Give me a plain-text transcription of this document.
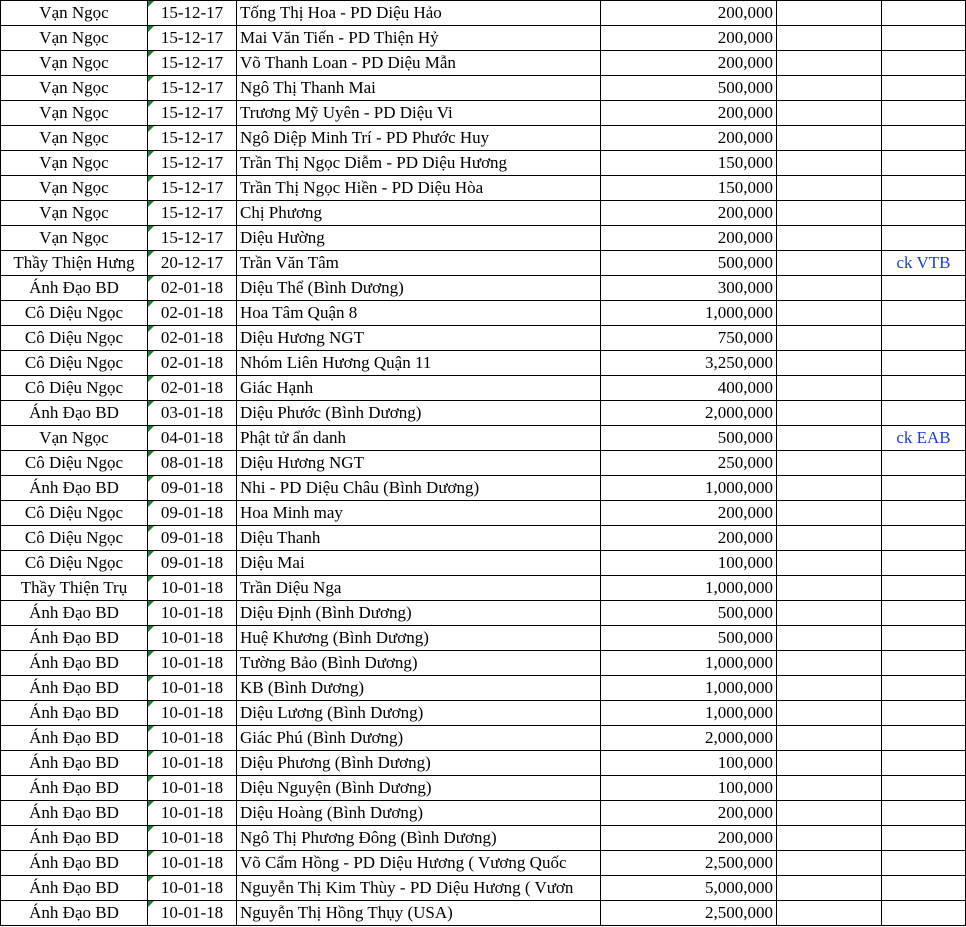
Vạn Ngọc	15-12-17	Tống Thị Hoa - PD Diệu Hảo	200,000		
Vạn Ngọc	15-12-17	Mai Văn Tiến - PD Thiện Hỷ	200,000		
Vạn Ngọc	15-12-17	Võ Thanh Loan - PD Diệu Mẫn	200,000		
Vạn Ngọc	15-12-17	Ngô Thị Thanh Mai	500,000		
Vạn Ngọc	15-12-17	Trương Mỹ Uyên - PD Diệu Vi	200,000		
Vạn Ngọc	15-12-17	Ngô Diệp Minh Trí - PD Phước Huy	200,000		
Vạn Ngọc	15-12-17	Trần Thị Ngọc Diễm - PD Diệu Hương	150,000		
Vạn Ngọc	15-12-17	Trần Thị Ngọc Hiền - PD Diệu Hòa	150,000		
Vạn Ngọc	15-12-17	Chị Phương	200,000		
Vạn Ngọc	15-12-17	Diệu Hường	200,000		
Thầy Thiện Hưng	20-12-17	Trần Văn Tâm	500,000		ck VTB
Ánh Đạo BD	02-01-18	Diệu Thể (Bình Dương)	300,000		
Cô Diệu Ngọc	02-01-18	Hoa Tâm Quận 8	1,000,000		
Cô Diệu Ngọc	02-01-18	Diệu Hương NGT	750,000		
Cô Diệu Ngọc	02-01-18	Nhóm Liên Hương Quận 11	3,250,000		
Cô Diệu Ngọc	02-01-18	Giác Hạnh	400,000		
Ánh Đạo BD	03-01-18	Diệu Phước (Bình Dương)	2,000,000		
Vạn Ngọc	04-01-18	Phật tử ẩn danh	500,000		ck EAB
Cô Diệu Ngọc	08-01-18	Diệu Hương NGT	250,000		
Ánh Đạo BD	09-01-18	Nhi - PD Diệu Châu (Bình Dương)	1,000,000		
Cô Diệu Ngọc	09-01-18	Hoa Minh may	200,000		
Cô Diệu Ngọc	09-01-18	Diệu Thanh	200,000		
Cô Diệu Ngọc	09-01-18	Diệu Mai	100,000		
Thầy Thiện Trụ	10-01-18	Trần Diệu Nga	1,000,000		
Ánh Đạo BD	10-01-18	Diệu Định (Bình Dương)	500,000		
Ánh Đạo BD	10-01-18	Huệ Khương (Bình Dương)	500,000		
Ánh Đạo BD	10-01-18	Tường Bảo (Bình Dương)	1,000,000		
Ánh Đạo BD	10-01-18	KB (Bình Dương)	1,000,000		
Ánh Đạo BD	10-01-18	Diệu Lương (Bình Dương)	1,000,000		
Ánh Đạo BD	10-01-18	Giác Phú (Bình Dương)	2,000,000		
Ánh Đạo BD	10-01-18	Diệu Phương (Bình Dương)	100,000		
Ánh Đạo BD	10-01-18	Diệu Nguyện (Bình Dương)	100,000		
Ánh Đạo BD	10-01-18	Diệu Hoàng (Bình Dương)	200,000		
Ánh Đạo BD	10-01-18	Ngô Thị Phương Đông (Bình Dương)	200,000		
Ánh Đạo BD	10-01-18	Võ Cẩm Hồng - PD Diệu Hương ( Vương Quốc	2,500,000		
Ánh Đạo BD	10-01-18	Nguyễn Thị Kim Thùy - PD Diệu Hương ( Vươn	5,000,000		
Ánh Đạo BD	10-01-18	Nguyễn Thị Hồng Thụy (USA)	2,500,000		
